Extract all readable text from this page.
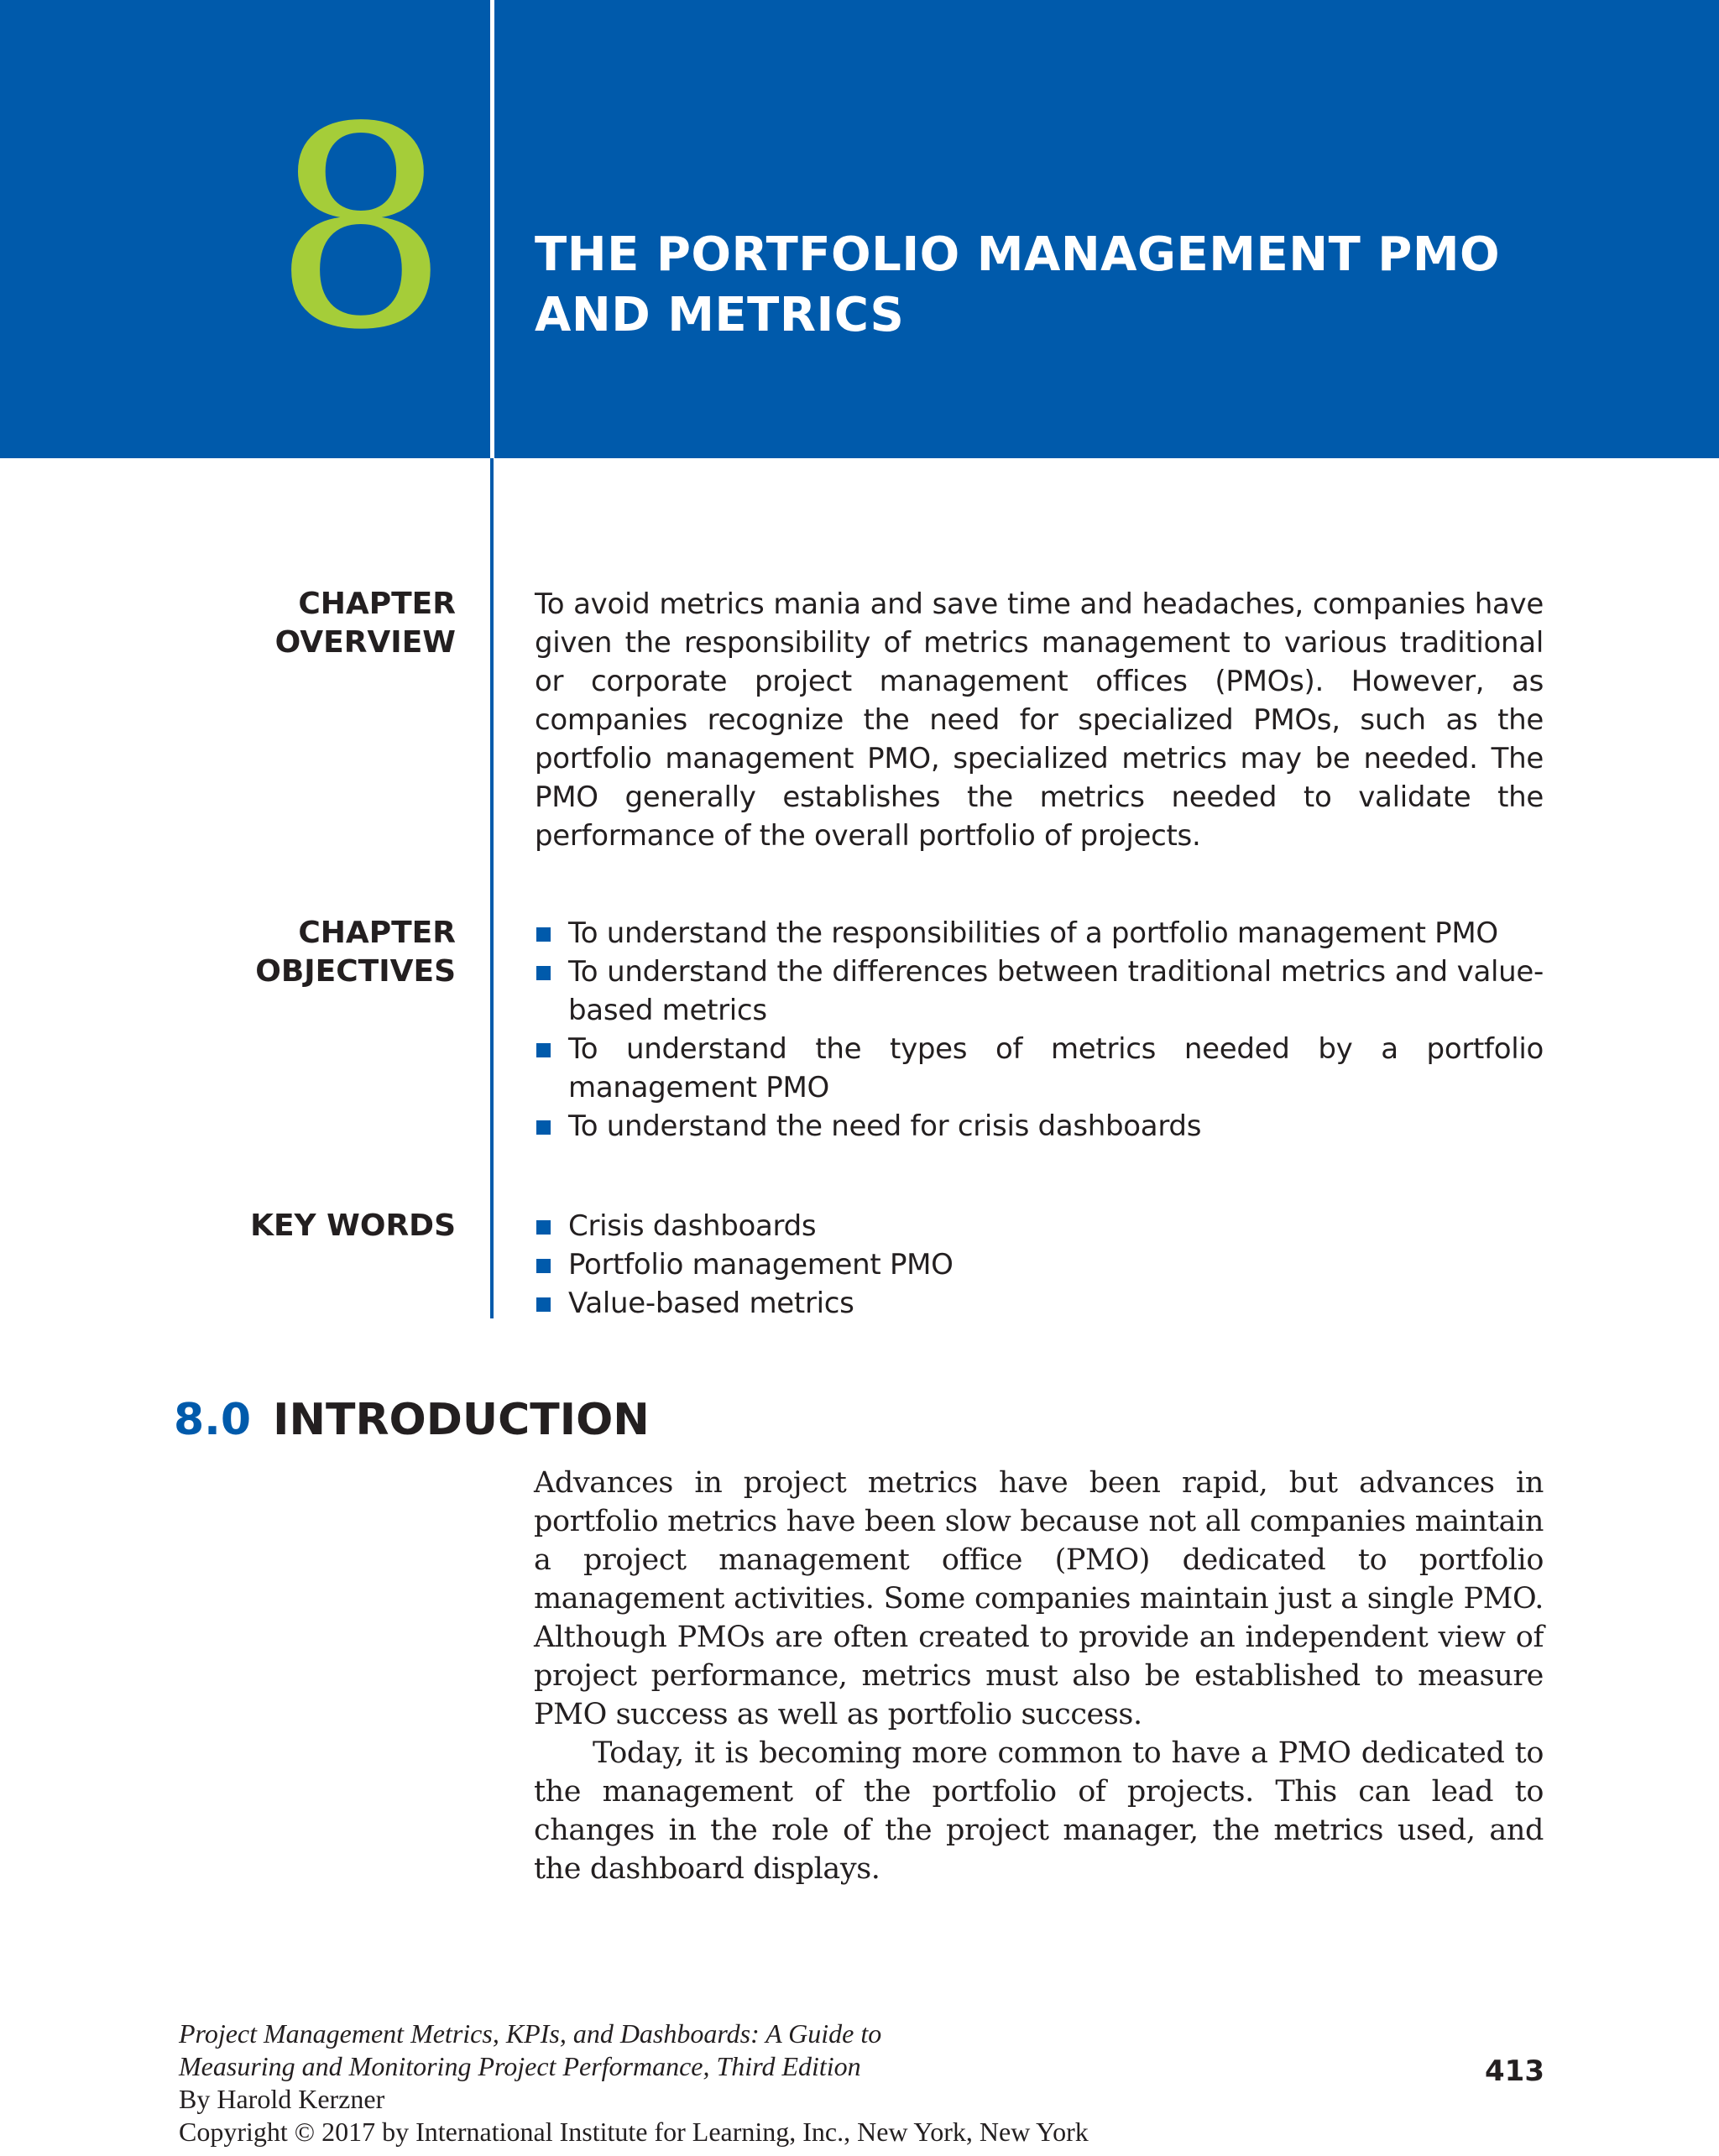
8	THE PORTFOLIO MANAGEMENT PMO
AND METRICS
CHAPTER
OVERVIEW
To avoid metrics mania and save time and headaches, companies have given the responsibility of metrics management to various traditional or corporate project management offices (PMOs). However, as companies recognize the need for specialized PMOs, such as the portfolio management PMO, specialized metrics may be needed. The PMO generally establishes the metrics needed to validate the performance of the overall portfolio of projects.
CHAPTER
OBJECTIVES
To understand the responsibilities of a portfolio management PMO
To understand the differences between traditional metrics and value-based metrics
To understand the types of metrics needed by a portfolio management PMO
To understand the need for crisis dashboards
KEY WORDS	Crisis dashboards
Portfolio management PMO
Value-based metrics
8.0 INTRODUCTION

Advances in project metrics have been rapid, but advances in portfolio metrics have been slow because not all companies maintain a project management office (PMO) dedicated to portfolio management activities. Some companies maintain just a single PMO. Although PMOs are often created to provide an independent view of project performance, metrics must also be established to measure PMO success as well as portfolio success.

Today, it is becoming more common to have a PMO dedicated to the management of the portfolio of projects. This can lead to changes in the role of the project manager, the metrics used, and the dashboard displays.

Project Management Metrics, KPIs, and Dashboards: A Guide to
Measuring and Monitoring Project Performance, Third Edition
By Harold Kerzner
Copyright © 2017 by International Institute for Learning, Inc., New York, New York
413
